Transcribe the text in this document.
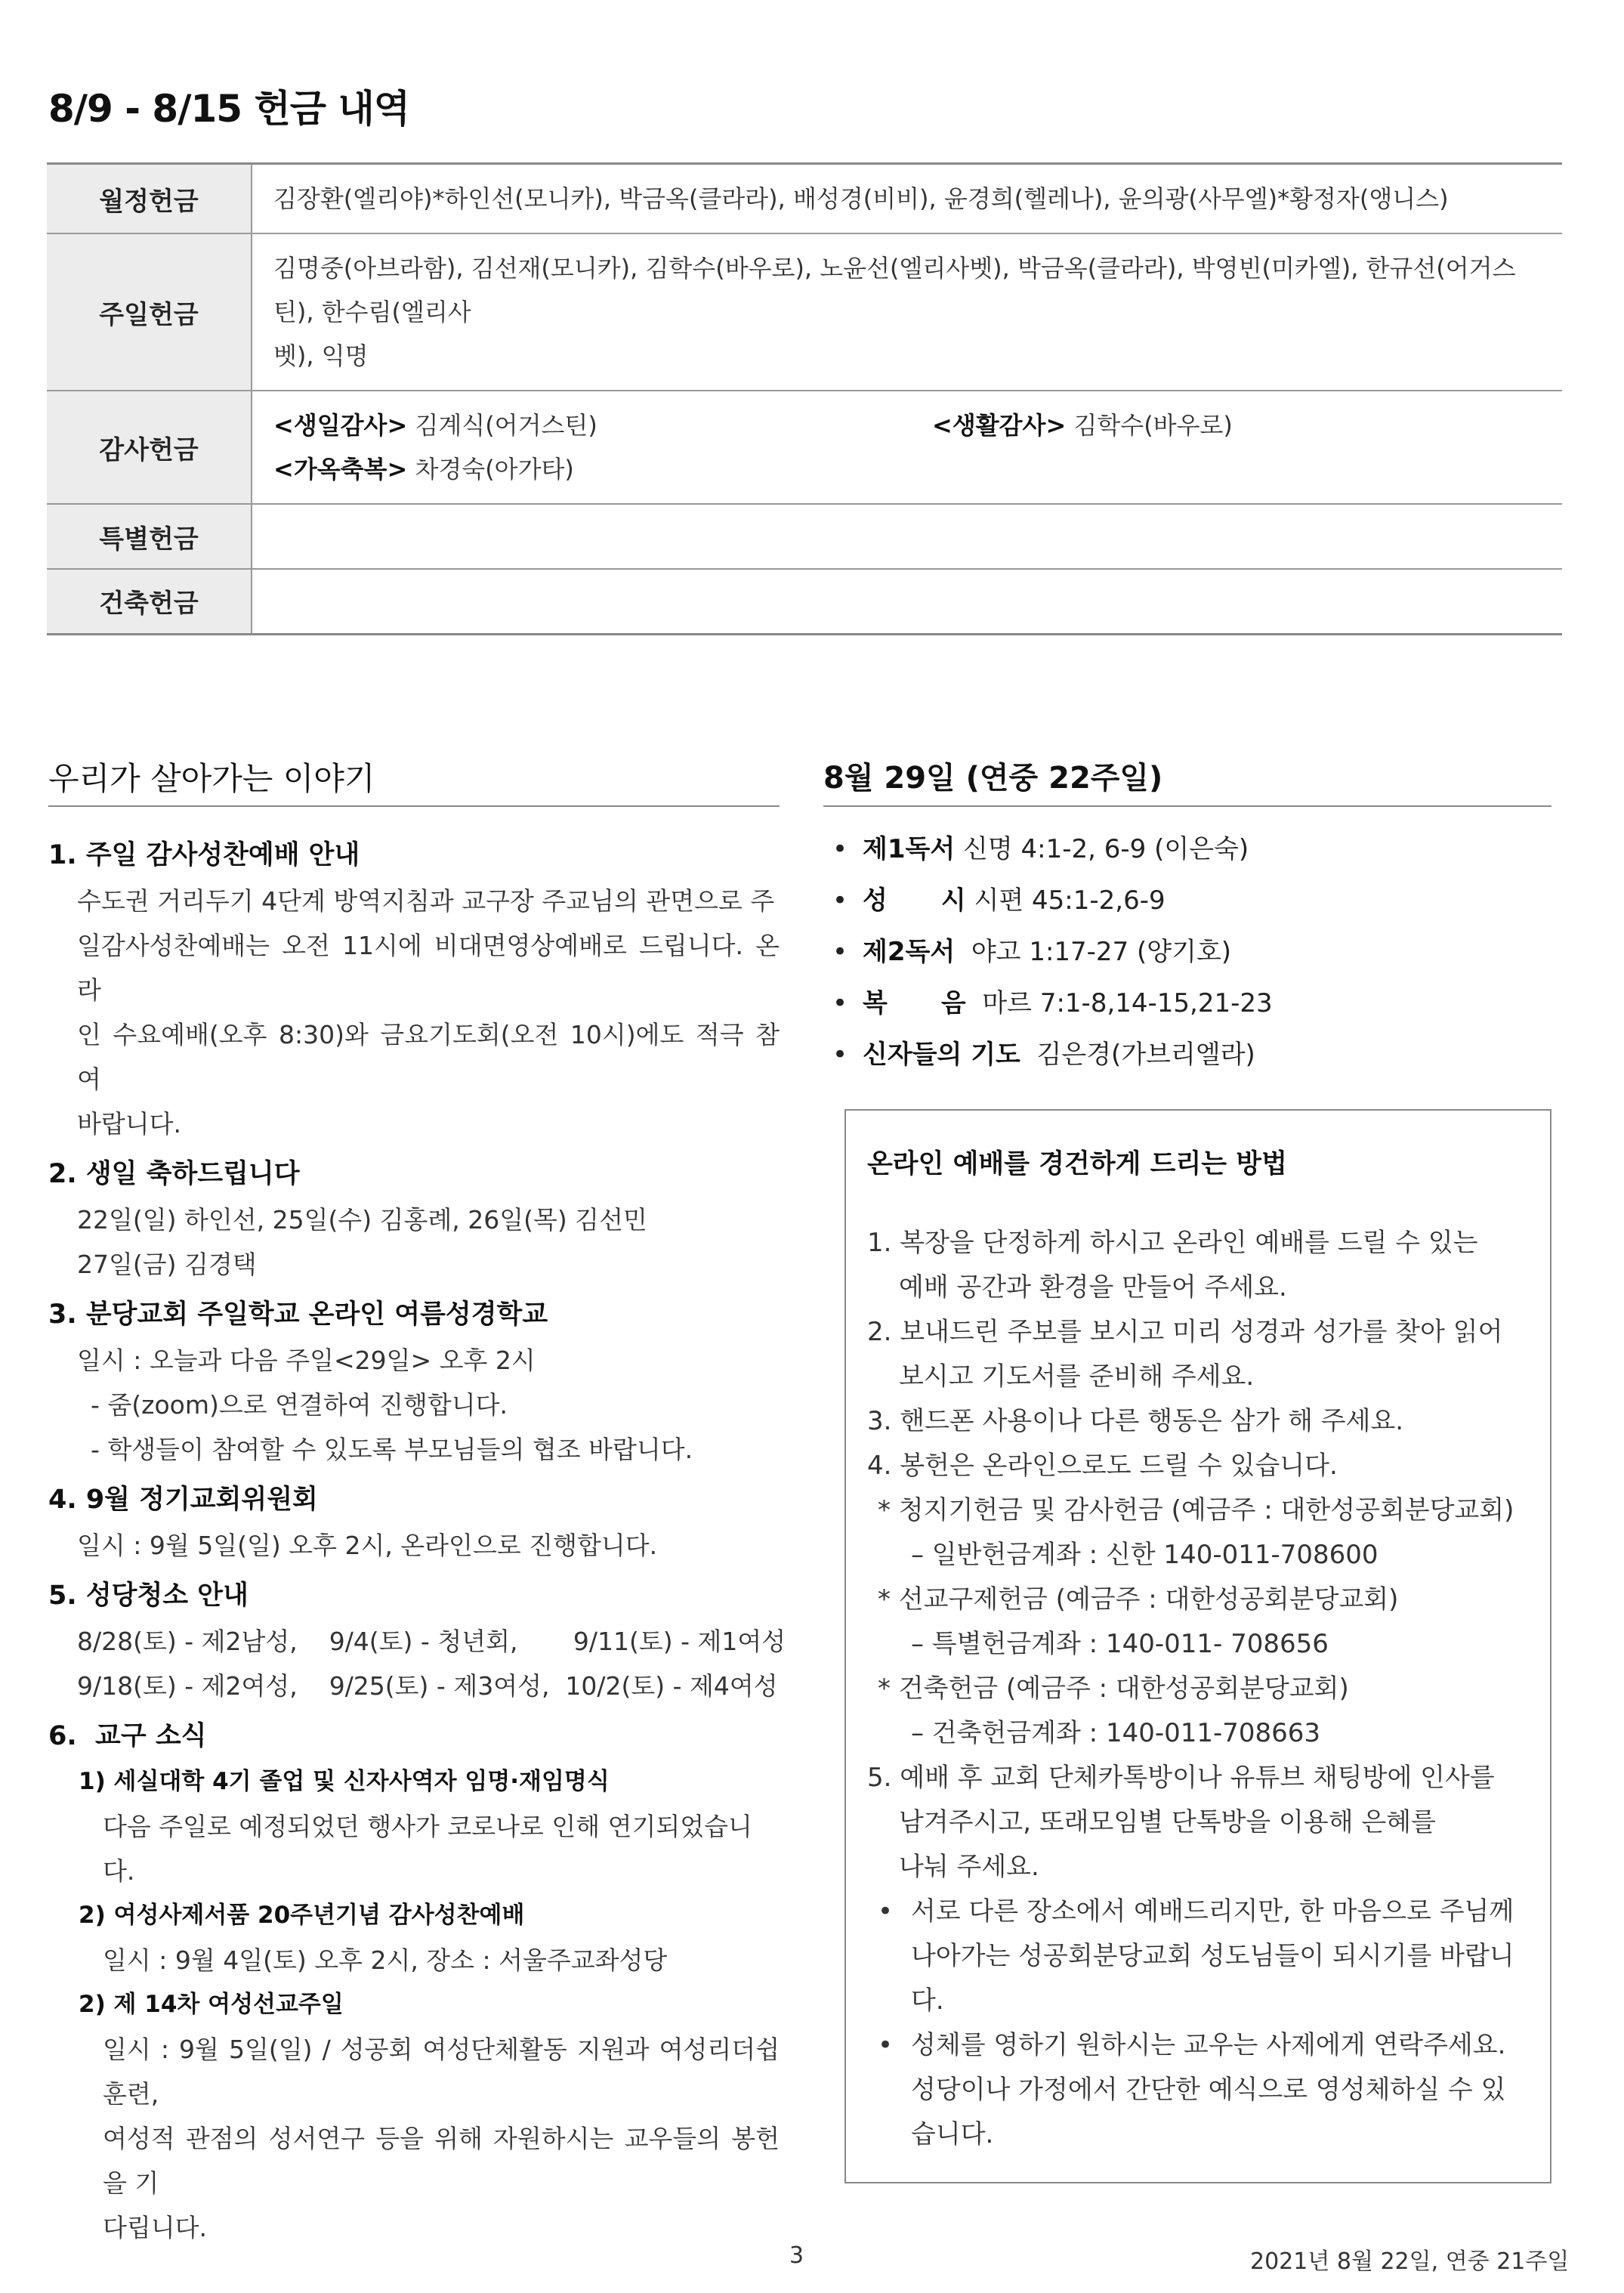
8/9 - 8/15 헌금 내역
월정헌금	김장환(엘리야)*하인선(모니카), 박금옥(클라라), 배성경(비비), 윤경희(헬레나), 윤의광(사무엘)*황정자(앵니스)
주일헌금	김명중(아브라함), 김선재(모니카), 김학수(바우로), 노윤선(엘리사벳), 박금옥(클라라), 박영빈(미카엘), 한규선(어거스틴), 한수림(엘리사
벳), 익명

감사헌금	<생일감사> 김계식(어거스틴) <생활감사> 김학수(바우로)
<가옥축복> 차경숙(아가타)

특별헌금	
건축헌금	
우리가 살아가는 이야기
1. 주일 감사성찬예배 안내
수도권 거리두기 4단계 방역지침과 교구장 주교님의 관면으로 주
일감사성찬예배는 오전 11시에 비대면영상예배로 드립니다. 온라
인 수요예배(오후 8:30)와 금요기도회(오전 10시)에도 적극 참여
바랍니다.
2. 생일 축하드립니다
22일(일) 하인선, 25일(수) 김홍례, 26일(목) 김선민
27일(금) 김경택
3. 분당교회 주일학교 온라인 여름성경학교
일시 : 오늘과 다음 주일<29일> 오후 2시
- 줌(zoom)으로 연결하여 진행합니다.
- 학생들이 참여할 수 있도록 부모님들의 협조 바랍니다.
4. 9월 정기교회위원회
일시 : 9월 5일(일) 오후 2시, 온라인으로 진행합니다.
5. 성당청소 안내
8/28(토) - 제2남성,    9/4(토) - 청년회,       9/11(토) - 제1여성
9/18(토) - 제2여성,    9/25(토) - 제3여성,  10/2(토) - 제4여성
6.  교구 소식
1) 세실대학 4기 졸업 및 신자사역자 임명·재임명식
다음 주일로 예정되었던 행사가 코로나로 인해 연기되었습니다.
2) 여성사제서품 20주년기념 감사성찬예배
일시 : 9월 4일(토) 오후 2시, 장소 : 서울주교좌성당
2) 제 14차 여성선교주일
일시 : 9월 5일(일) / 성공회 여성단체활동 지원과 여성리더쉽 훈련,
여성적 관점의 성서연구 등을 위해 자원하시는 교우들의 봉헌을 기
다립니다.
8월 29일 (연중 22주일)
• 제1독서 신명 4:1-2, 6-9 (이은숙)
• 성      시 시편 45:1-2,6-9
• 제2독서  야고 1:17-27 (양기호)
• 복      음  마르 7:1-8,14-15,21-23
• 신자들의 기도  김은경(가브리엘라)
온라인 예배를 경건하게 드리는 방법
1. 복장을 단정하게 하시고 온라인 예배를 드릴 수 있는
예배 공간과 환경을 만들어 주세요.
2. 보내드린 주보를 보시고 미리 성경과 성가를 찾아 읽어
보시고 기도서를 준비해 주세요.
3. 핸드폰 사용이나 다른 행동은 삼가 해 주세요.
4. 봉헌은 온라인으로도 드릴 수 있습니다.
* 청지기헌금 및 감사헌금 (예금주 : 대한성공회분당교회)
– 일반헌금계좌 : 신한 140-011-708600
* 선교구제헌금 (예금주 : 대한성공회분당교회)
– 특별헌금계좌 : 140-011- 708656
* 건축헌금 (예금주 : 대한성공회분당교회)
– 건축헌금계좌 : 140-011-708663
5. 예배 후 교회 단체카톡방이나 유튜브 채팅방에 인사를
남겨주시고, 또래모임별 단톡방을 이용해 은혜를
나눠 주세요.
• 서로 다른 장소에서 예배드리지만, 한 마음으로 주님께
나아가는 성공회분당교회 성도님들이 되시기를 바랍니
다.
• 성체를 영하기 원하시는 교우는 사제에게 연락주세요.
성당이나 가정에서 간단한 예식으로 영성체하실 수 있
습니다.
3	2021년 8월 22일, 연중 21주일
